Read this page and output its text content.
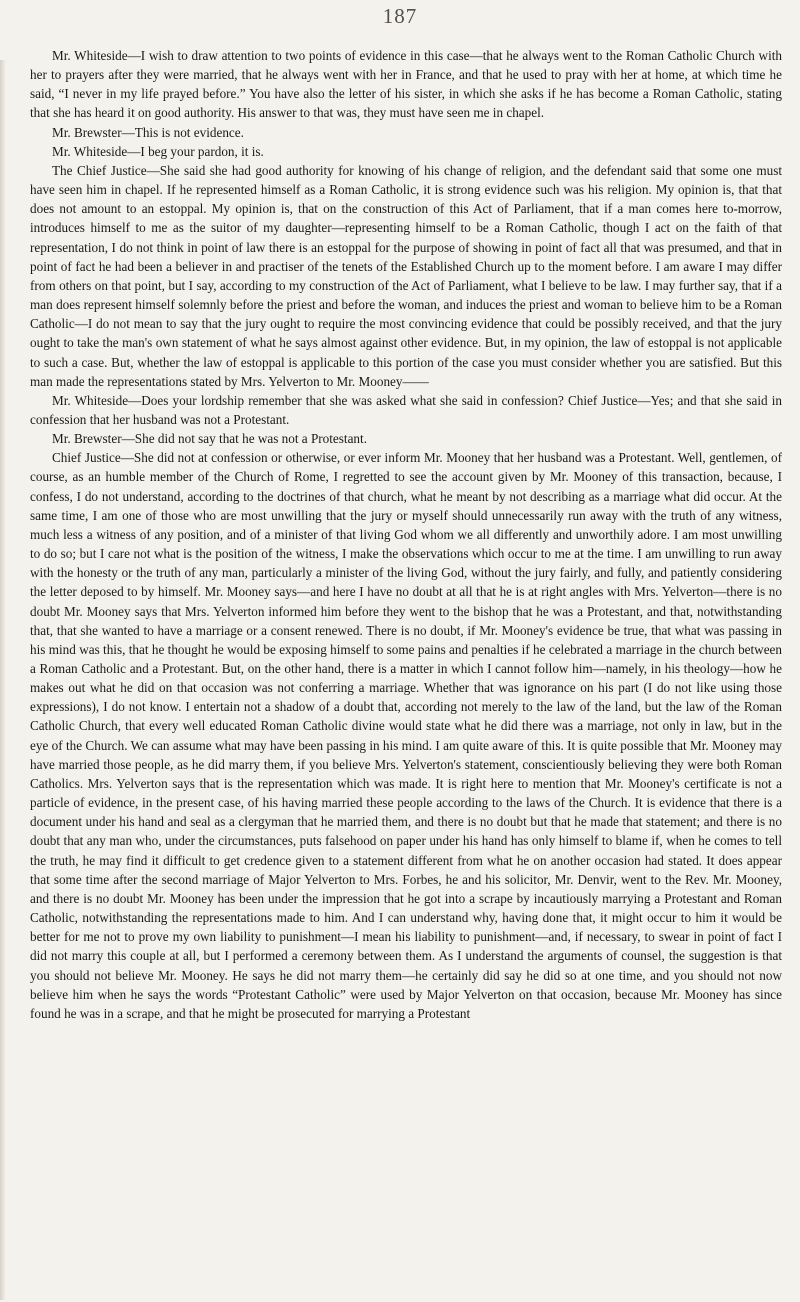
187

Mr. Whiteside—I wish to draw attention to two points of evidence in this case—that he always went to the Roman Catholic Church with her to prayers after they were married, that he always went with her in France, and that he used to pray with her at home, at which time he said, “I never in my life prayed before.” You have also the letter of his sister, in which she asks if he has become a Roman Catholic, stating that she has heard it on good authority. His answer to that was, they must have seen me in chapel.

Mr. Brewster—This is not evidence.

Mr. Whiteside—I beg your pardon, it is.

The Chief Justice—She said she had good authority for knowing of his change of religion, and the defendant said that some one must have seen him in chapel. If he represented himself as a Roman Catholic, it is strong evidence such was his religion. My opinion is, that that does not amount to an estoppal. My opinion is, that on the construction of this Act of Parliament, that if a man comes here to-morrow, introduces himself to me as the suitor of my daughter—representing himself to be a Roman Catholic, though I act on the faith of that representation, I do not think in point of law there is an estoppal for the purpose of showing in point of fact all that was presumed, and that in point of fact he had been a believer in and practiser of the tenets of the Established Church up to the moment before. I am aware I may differ from others on that point, but I say, according to my construction of the Act of Parliament, what I believe to be law. I may further say, that if a man does represent himself solemnly before the priest and before the woman, and induces the priest and woman to believe him to be a Roman Catholic—I do not mean to say that the jury ought to require the most convincing evidence that could be possibly received, and that the jury ought to take the man's own statement of what he says almost against other evidence. But, in my opinion, the law of estoppal is not applicable to such a case. But, whether the law of estoppal is applicable to this portion of the case you must consider whether you are satisfied. But this man made the representations stated by Mrs. Yelverton to Mr. Mooney——

Mr. Whiteside—Does your lordship remember that she was asked what she said in confession? Chief Justice—Yes; and that she said in confession that her husband was not a Protestant.

Mr. Brewster—She did not say that he was not a Protestant.

Chief Justice—She did not at confession or otherwise, or ever inform Mr. Mooney that her husband was a Protestant. Well, gentlemen, of course, as an humble member of the Church of Rome, I regretted to see the account given by Mr. Mooney of this transaction, because, I confess, I do not understand, according to the doctrines of that church, what he meant by not describing as a marriage what did occur. At the same time, I am one of those who are most unwilling that the jury or myself should unnecessarily run away with the truth of any witness, much less a witness of any position, and of a minister of that living God whom we all differently and unworthily adore. I am most unwilling to do so; but I care not what is the position of the witness, I make the observations which occur to me at the time. I am unwilling to run away with the honesty or the truth of any man, particularly a minister of the living God, without the jury fairly, and fully, and patiently considering the letter deposed to by himself. Mr. Mooney says—and here I have no doubt at all that he is at right angles with Mrs. Yelverton—there is no doubt Mr. Mooney says that Mrs. Yelverton informed him before they went to the bishop that he was a Protestant, and that, notwithstanding that, that she wanted to have a marriage or a consent renewed. There is no doubt, if Mr. Mooney's evidence be true, that what was passing in his mind was this, that he thought he would be exposing himself to some pains and penalties if he celebrated a marriage in the church between a Roman Catholic and a Protestant. But, on the other hand, there is a matter in which I cannot follow him—namely, in his theology—how he makes out what he did on that occasion was not conferring a marriage. Whether that was ignorance on his part (I do not like using those expressions), I do not know. I entertain not a shadow of a doubt that, according not merely to the law of the land, but the law of the Roman Catholic Church, that every well educated Roman Catholic divine would state what he did there was a marriage, not only in law, but in the eye of the Church. We can assume what may have been passing in his mind. I am quite aware of this. It is quite possible that Mr. Mooney may have married those people, as he did marry them, if you believe Mrs. Yelverton's statement, conscientiously believing they were both Roman Catholics. Mrs. Yelverton says that is the representation which was made. It is right here to mention that Mr. Mooney's certificate is not a particle of evidence, in the present case, of his having married these people according to the laws of the Church. It is evidence that there is a document under his hand and seal as a clergyman that he married them, and there is no doubt but that he made that statement; and there is no doubt that any man who, under the circumstances, puts falsehood on paper under his hand has only himself to blame if, when he comes to tell the truth, he may find it difficult to get credence given to a statement different from what he on another occasion had stated. It does appear that some time after the second marriage of Major Yelverton to Mrs. Forbes, he and his solicitor, Mr. Denvir, went to the Rev. Mr. Mooney, and there is no doubt Mr. Mooney has been under the impression that he got into a scrape by incautiously marrying a Protestant and Roman Catholic, notwithstanding the representations made to him. And I can understand why, having done that, it might occur to him it would be better for me not to prove my own liability to punishment—I mean his liability to punishment—and, if necessary, to swear in point of fact I did not marry this couple at all, but I performed a ceremony between them. As I understand the arguments of counsel, the suggestion is that you should not believe Mr. Mooney. He says he did not marry them—he certainly did say he did so at one time, and you should not now believe him when he says the words “Protestant Catholic” were used by Major Yelverton on that occasion, because Mr. Mooney has since found he was in a scrape, and that he might be prosecuted for marrying a Protestant
